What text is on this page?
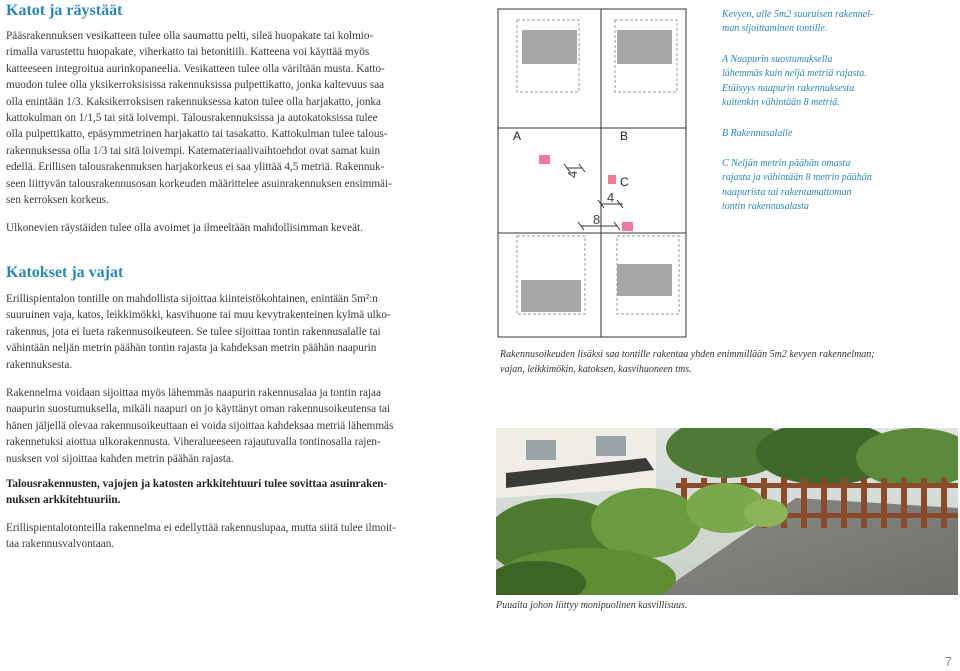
Katot ja räystäät
Pääsrakennuksen vesikatteen tulee olla saumattu pelti, sileä huopakate tai kolmio-
rimalla varustettu huopakate, viherkatto tai betonitiili. Katteena voi käyttää myös
katteeseen integroitua aurinkopaneelia. Vesikatteen tulee olla väriltään musta. Katto-
muodon tulee olla yksikerroksisissa rakennuksissa pulpettikatto, jonka kaltevuus saa
olla enintään 1/3. Kaksikerroksisen rakennuksessa katon tulee olla harjakatto, jonka
kattokulman on 1/1,5 tai sitä loivempi. Talousrakennuksissa ja autokatoksissa tulee
olla pulpettikatto, epäsymmetrinen harjakatto tai tasakatto. Kattokulman tulee talous-
rakennuksessa olla 1/3 tai sitä loivempi. Katemateriaalivaihtoehdot ovat samat kuin
edellä. Erillisen talousrakennuksen harjakorkeus ei saa ylittää 4,5 metriä. Rakennuk-
seen liittyvän talousrakennusosan korkeuden määrittelee asuinrakennuksen ensimmäi-
sen kerroksen korkeus.
Ulkonevien räystäiden tulee olla avoimet ja ilmeeltään mahdollisimman keveät.
Katokset ja vajat
Erillispientalon tontille on mahdollista sijoittaa kiinteistökohtainen, enintään 5m²:n
suuruinen vaja, katos, leikkimökki, kasvihuone tai muu kevytrakenteinen kylmä ulko-
rakennus, jota ei lueta rakennusoikeuteen. Se tulee sijoittaa tontin rakennusalalle tai
vähintään neljän metrin päähän tontin rajasta ja kahdeksan metrin päähän naapurin
rakennuksesta.
Rakennelma voidaan sijoittaa myös lähemmäs naapurin rakennusalaa ja tontin rajaa
naapurin suostumuksella, mikäli naapuri on jo käyttänyt oman rakennusoikeutensa tai
hänen jäljellä olevaa rakennusoikeuttaan ei voida sijoittaa kahdeksaa metriä lähemmäs
rakennetuksi aiottua ulkorakennusta. Viheralueeseen rajautuvalla tontinosalla rajen-
nusksen voi sijoittaa kahden metrin päähän rajasta.
Talousrakennusten, vajojen ja katosten arkkitehtuuri tulee sovittaa asuinraken-
nuksen arkkitehtuuriin.
Erillispientalotonteilla rakennelma ei edellyttää rakennuslupaa, mutta siitä tulee ilmoit-
taa rakennusvalvontaan.
A	B
C
4
4
8
Kevyen, alle 5m2 suuruisen rakennel-
man sijoittaminen tontille.
A Naapurin suostumuksella
lähemmäs kuin neljä metriä rajasta.
Etäisyys naapurin rakennuksesta
kuitenkin vähintään 8 metriä.
B Rakennusalalle
C Neljän metrin päähän omasta
rajasta ja vähintään 8 metrin päähän
naapurista tai rakentamattoman
tontin rakennusalasta
Rakennusoikeuden lisäksi saa tontille rakentaa yhden enimmillään 5m2 kevyen rakennelman;
vajan, leikkimökin, katoksen, kasvihuoneen tms.
Puuaita johon liittyy monipuolinen kasvillisuus.
7
